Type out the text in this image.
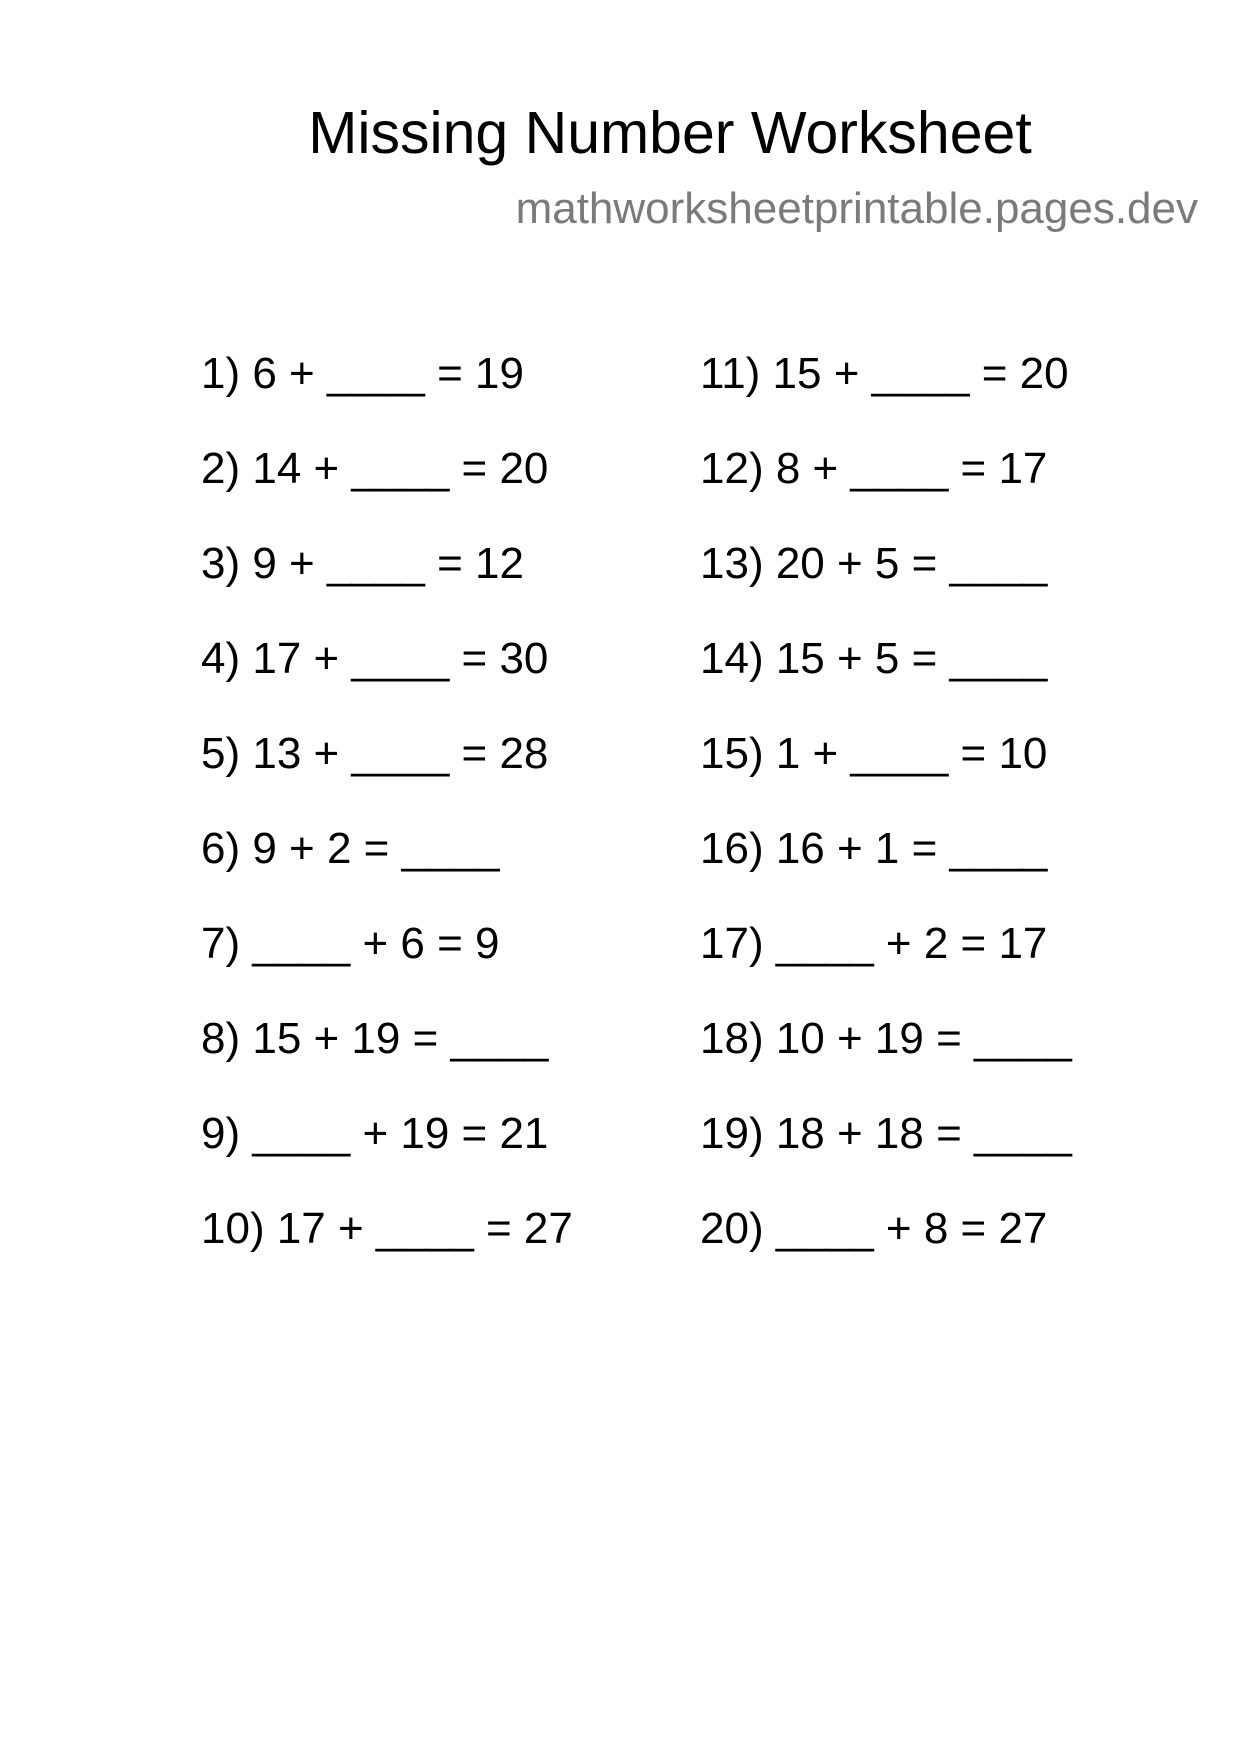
Missing Number Worksheet
mathworksheetprintable.pages.dev
1) 6 + ____ = 19
2) 14 + ____ = 20
3) 9 + ____ = 12
4) 17 + ____ = 30
5) 13 + ____ = 28
6) 9 + 2 = ____
7) ____ + 6 = 9
8) 15 + 19 = ____
9) ____ + 19 = 21
10) 17 + ____ = 27
11) 15 + ____ = 20
12) 8 + ____ = 17
13) 20 + 5 = ____
14) 15 + 5 = ____
15) 1 + ____ = 10
16) 16 + 1 = ____
17) ____ + 2 = 17
18) 10 + 19 = ____
19) 18 + 18 = ____
20) ____ + 8 = 27
